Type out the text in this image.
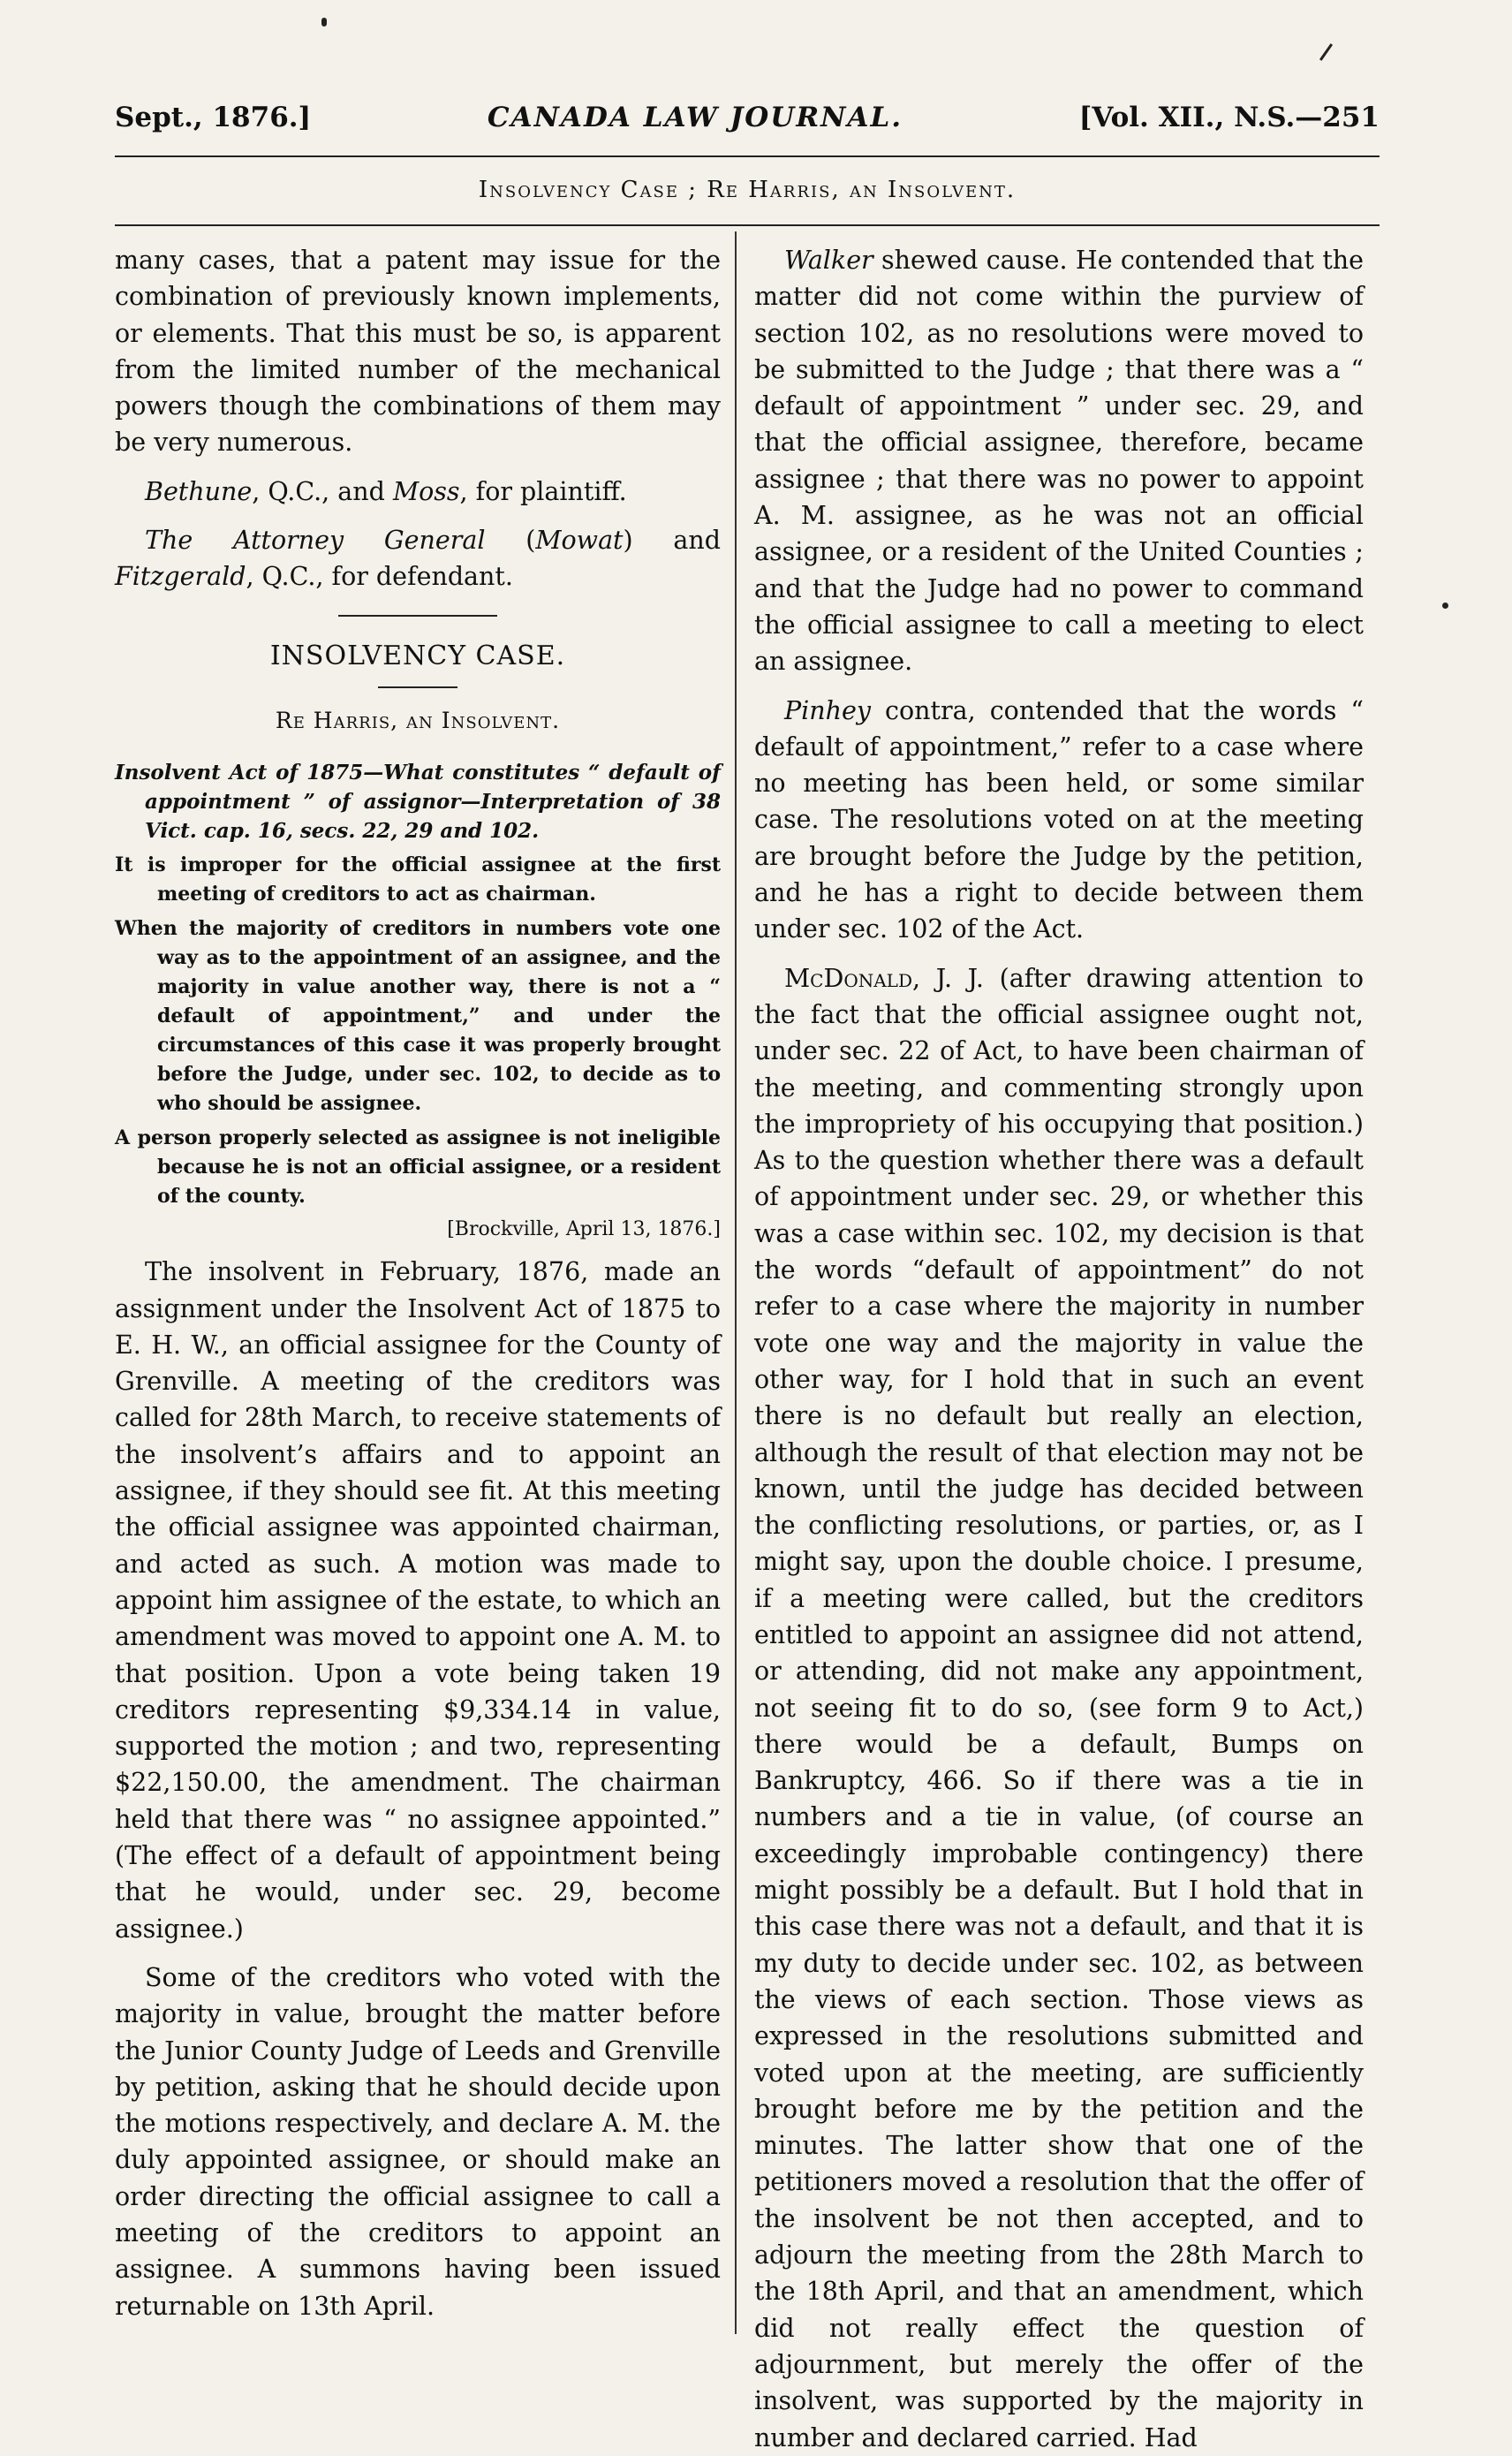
Sept., 1876.]	CANADA LAW JOURNAL.	[Vol. XII., N.S.—251
Insolvency Case ; Re Harris, an Insolvent.

many cases, that a patent may issue for the combination of previously known implements, or elements. That this must be so, is apparent from the limited number of the mechanical powers though the combinations of them may be very numerous.

Bethune, Q.C., and Moss, for plaintiff.

The Attorney General (Mowat) and Fitzgerald, Q.C., for defendant.

INSOLVENCY CASE.
Re Harris, an Insolvent.
Insolvent Act of 1875—What constitutes “ default of appointment ” of assignor—Interpretation of 38 Vict. cap. 16, secs. 22, 29 and 102.
It is improper for the official assignee at the first meeting of creditors to act as chairman.
When the majority of creditors in numbers vote one way as to the appointment of an assignee, and the majority in value another way, there is not a “ default of appointment,” and under the circumstances of this case it was properly brought before the Judge, under sec. 102, to decide as to who should be assignee.
A person properly selected as assignee is not ineligible because he is not an official assignee, or a resident of the county.
[Brockville, April 13, 1876.]

The insolvent in February, 1876, made an assignment under the Insolvent Act of 1875 to E. H. W., an official assignee for the County of Grenville. A meeting of the creditors was called for 28th March, to receive statements of the insolvent’s affairs and to appoint an assignee, if they should see fit. At this meeting the official assignee was appointed chairman, and acted as such. A motion was made to appoint him assignee of the estate, to which an amendment was moved to appoint one A. M. to that position. Upon a vote being taken 19 creditors representing $9,334.14 in value, supported the motion ; and two, representing $22,150.00, the amendment. The chairman held that there was “ no assignee appointed.” (The effect of a default of appointment being that he would, under sec. 29, become assignee.)

Some of the creditors who voted with the majority in value, brought the matter before the Junior County Judge of Leeds and Grenville by petition, asking that he should decide upon the motions respectively, and declare A. M. the duly appointed assignee, or should make an order directing the official assignee to call a meeting of the creditors to appoint an assignee. A summons having been issued returnable on 13th April.

Walker shewed cause. He contended that the matter did not come within the purview of section 102, as no resolutions were moved to be submitted to the Judge ; that there was a “ default of appointment ” under sec. 29, and that the official assignee, therefore, became assignee ; that there was no power to appoint A. M. assignee, as he was not an official assignee, or a resident of the United Counties ; and that the Judge had no power to command the official assignee to call a meeting to elect an assignee.

Pinhey contra, contended that the words “ default of appointment,” refer to a case where no meeting has been held, or some similar case. The resolutions voted on at the meeting are brought before the Judge by the petition, and he has a right to decide between them under sec. 102 of the Act.

McDonald, J. J. (after drawing attention to the fact that the official assignee ought not, under sec. 22 of Act, to have been chairman of the meeting, and commenting strongly upon the impropriety of his occupying that position.) As to the question whether there was a default of appointment under sec. 29, or whether this was a case within sec. 102, my decision is that the words “default of appointment” do not refer to a case where the majority in number vote one way and the majority in value the other way, for I hold that in such an event there is no default but really an election, although the result of that election may not be known, until the judge has decided between the conflicting resolutions, or parties, or, as I might say, upon the double choice. I presume, if a meeting were called, but the creditors entitled to appoint an assignee did not attend, or attending, did not make any appointment, not seeing fit to do so, (see form 9 to Act,) there would be a default, Bumps on Bankruptcy, 466. So if there was a tie in numbers and a tie in value, (of course an exceedingly improbable contingency) there might possibly be a default. But I hold that in this case there was not a default, and that it is my duty to decide under sec. 102, as between the views of each section. Those views as expressed in the resolutions submitted and voted upon at the meeting, are sufficiently brought before me by the petition and the minutes. The latter show that one of the petitioners moved a resolution that the offer of the insolvent be not then accepted, and to adjourn the meeting from the 28th March to the 18th April, and that an amendment, which did not really effect the question of adjournment, but merely the offer of the insolvent, was supported by the majority in number and declared carried. Had
